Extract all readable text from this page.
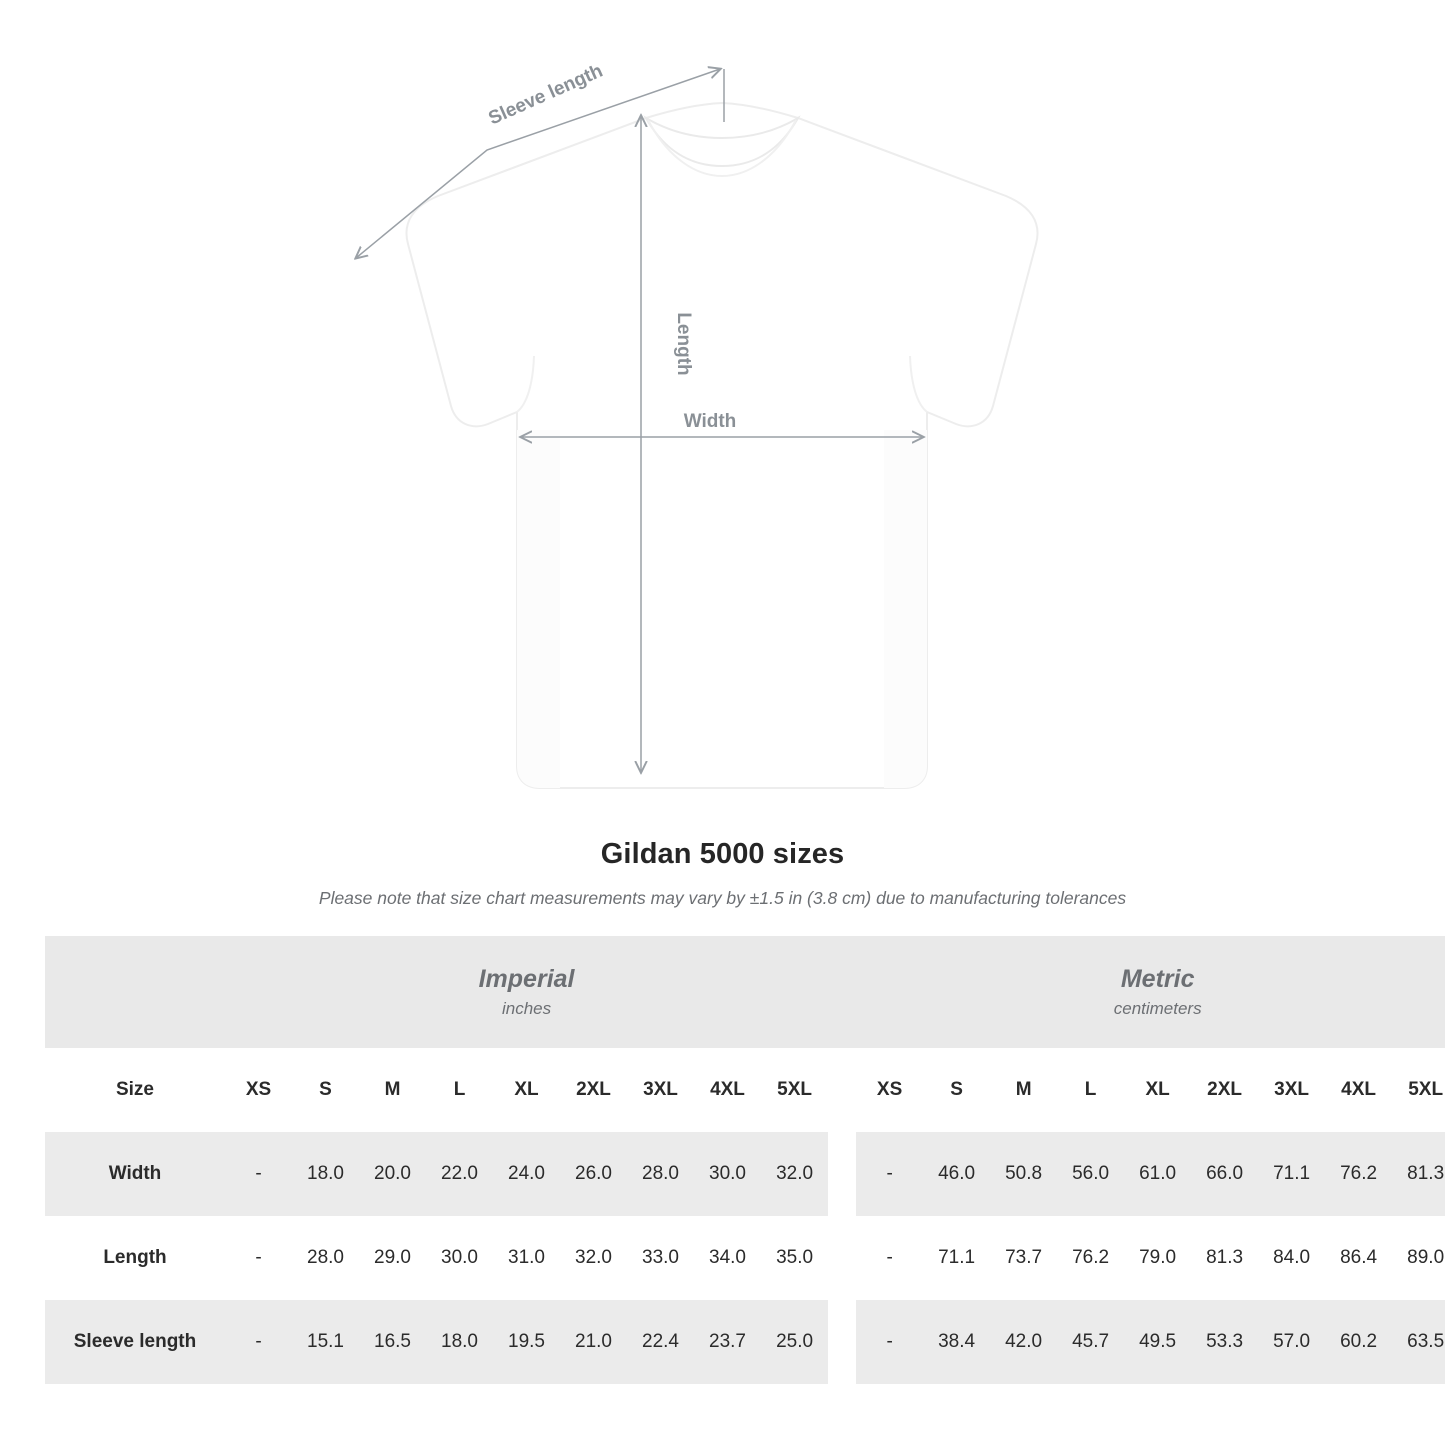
Sleeve length
Length
Width
Gildan 5000 sizes
Please note that size chart measurements may vary by ±1.5 in (3.8 cm) due to manufacturing tolerances

Imperial
inches

Metric
centimeters

Size	XS	S	M	L	XL	2XL	3XL	4XL	5XL		XS	S	M	L	XL	2XL	3XL	4XL	5XL
Width	-	18.0	20.0	22.0	24.0	26.0	28.0	30.0	32.0		-	46.0	50.8	56.0	61.0	66.0	71.1	76.2	81.3
Length	-	28.0	29.0	30.0	31.0	32.0	33.0	34.0	35.0		-	71.1	73.7	76.2	79.0	81.3	84.0	86.4	89.0
Sleeve length	-	15.1	16.5	18.0	19.5	21.0	22.4	23.7	25.0		-	38.4	42.0	45.7	49.5	53.3	57.0	60.2	63.5
